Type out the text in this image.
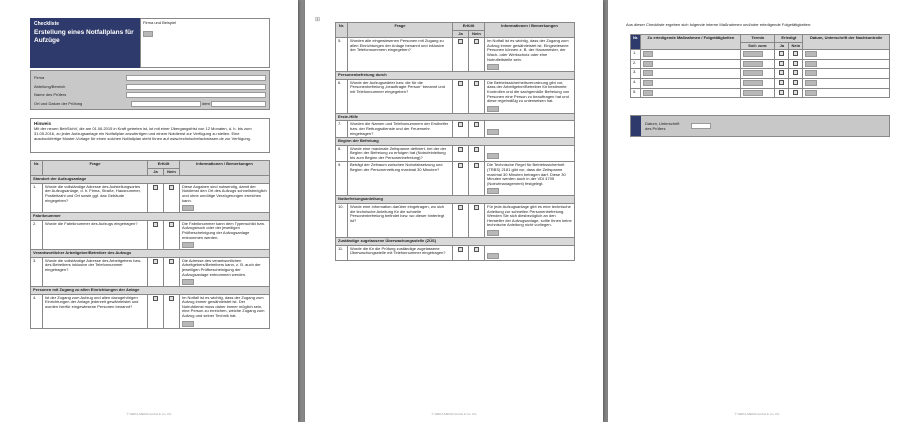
Checkliste
Erstellung eines Notfallplans für Aufzüge
Firma und Beispiel
Firma
Abteilung/Bereich
Name des Prüfers
Ort und Datum der Prüfung	dem
Hinweis
Mit der neuen BetrSichV, die am 01.06.2015 in Kraft getreten ist, ist mit einer Übergangsfrist von 12 Monaten, d. h. bis zum 31.05.2016, zu jeder Aufzugsanlage ein Notfallplan anzufertigen und einem Notdienst zur Verfügung zu stellen. Eine ausdruckfertige Muster-Vorlage für einen solchen Notfallplan steht Ihnen auf www.technischefachwissen.de zur Verfügung.
Nr.	Frage	Erfüllt		Informationen / Bemerkungen
		Ja	Nein	
Standort der Aufzugsanlage				
1.	Wurde die vollständige Adresse des Aufstellungsortes der Aufzugsanlage, d. h. Firma, Straße, Hausnummer, Postleitzahl und Ort sowie ggf. das Gebäude eingegeben?			Diese Angaben sind notwendig, damit der Notdienst den Ort des Aufzugs schnellstmöglich und ohne unnötige Verzögerungen erreichen kann.

Fabriknummer				
2.	Wurde die Fabriknummer des Aufzugs eingetragen?			Die Fabriknummer kann dem Typenschild bzw. Aufzugsbuch oder der jeweiligen Prüfbescheinigung der Aufzugsanlage entnommen werden.

Verantwortlicher Arbeitgeber/Betreiber des Aufzugs				
3.	Wurde die vollständige Adresse des Arbeitgebers bzw. des Betreibers inklusive der Telefonnummer eingetragen?			Die Adresse des verantwortlichen Arbeitgebers/Betreibers kann, z. B. auch der jeweiligen Prüfbescheinigung der Aufzugsanlage entnommen werden.

Personen mit Zugang zu allen Einrichtungen der Anlage				
4.	Ist der Zugang zum Aufzug und allen dazugehörigen Einrichtungen der Anlage jederzeit gewährleistet und wurden hierfür eingewiesene Personen benannt?			Im Notfall ist es wichtig, dass der Zugang zum Aufzug immer gewährleistet ist. Der Notrufdienst muss daher immer möglich sein, eine Person zu erreichen, welche Zugang zum Aufzug und seiner Technik hat.

© WEKA MEDIA GmbH & Co. KG
⊞
Nr.	Frage	Erfüllt		Informationen / Bemerkungen
		Ja	Nein	
5.	Wurden alle eingewiesenen Personen mit Zugang zu allen Einrichtungen der Anlage benannt und inklusive der Telefonnummern eingegeben?			Im Notfall ist es wichtig, dass der Zugang zum Aufzug immer gewährleistet ist. Eingewiesene Personen können z. B. der Hausmeister, der Wach- oder Werkschutz oder eine Notrufleitstelle sein.

Personenbefreiung durch				
6.	Wurde der Aufzugswärter bzw. die für die Personenbefreiung „beauftragte Person“ benannt und mit Telefonnummer eingegeben?			Die Betriebssicherheitsverordnung gibt vor, dass der Arbeitgeber/Betreiber für bestimmte Kontrollen und die sachgemäße Befreiung von Personen eine Person zu beauftragen hat und diese regelmäßig zu unterweisen hat.

Erste-Hilfe				
7.	Wurden die Namen und Telefonnummern der Ersthelfer bzw. der Rettungsdienste und der Feuerwehr eingetragen?			

Beginn der Befreiung				
8.	Wurde eine maximale Zeitspanne definiert, bei der der Beginn der Befreiung zu erfolgen hat (Notrufeinleitung bis zum Beginn der Personenbefreiung)?			

9.	Beträgt der Zeitraum zwischen Notrufabsetzung und Beginn der Personenrettung maximal 30 Minuten?			Die Technische Regel für Betriebssicherheit (TRBS) 2181 gibt vor, dass die Zeitspanne maximal 30 Minuten betragen darf. Diese 30 Minuten werden auch in der VDI 4705 (Notrufmanagement) festgelegt.

Notbefreiungsanleitung				
10.	Wurde eine Information darüber eingetragen, wo sich die technische Anleitung für die schnelle Personenbefreiung befindet bzw. wo dieser hinterlegt ist?			Für jede Aufzugsanlage gibt es eine technische Anleitung zur schnellen Personenbefreiung. Wenden Sie sich diesbezüglich an den Hersteller der Aufzugsanlage, sollte Ihnen keine technische Anleitung nicht vorliegen.

Zuständige zugelassene Überwachungsstelle (ZÜS)				
11.	Wurde die für die Prüfung zuständige zugelassene Überwachungsstelle mit Telefonnummer eingetragen?			

© WEKA MEDIA GmbH & Co. KG
Aus dieser Checkliste ergeben sich folgende interne Maßnahmen und/oder erledigende Folgetätigkeiten:
Nr.	Zu erledigende Maßnahmen / Folgetätigkeiten	Termin	Erledigt		Datum, Unterschrift der Nachkontrolle
		Soll: zum:	Ja	Nein	
1.					
2.					
3.					
4.					
5.					
Datum, Unterschrift des Prüfers
© WEKA MEDIA GmbH & Co. KG
